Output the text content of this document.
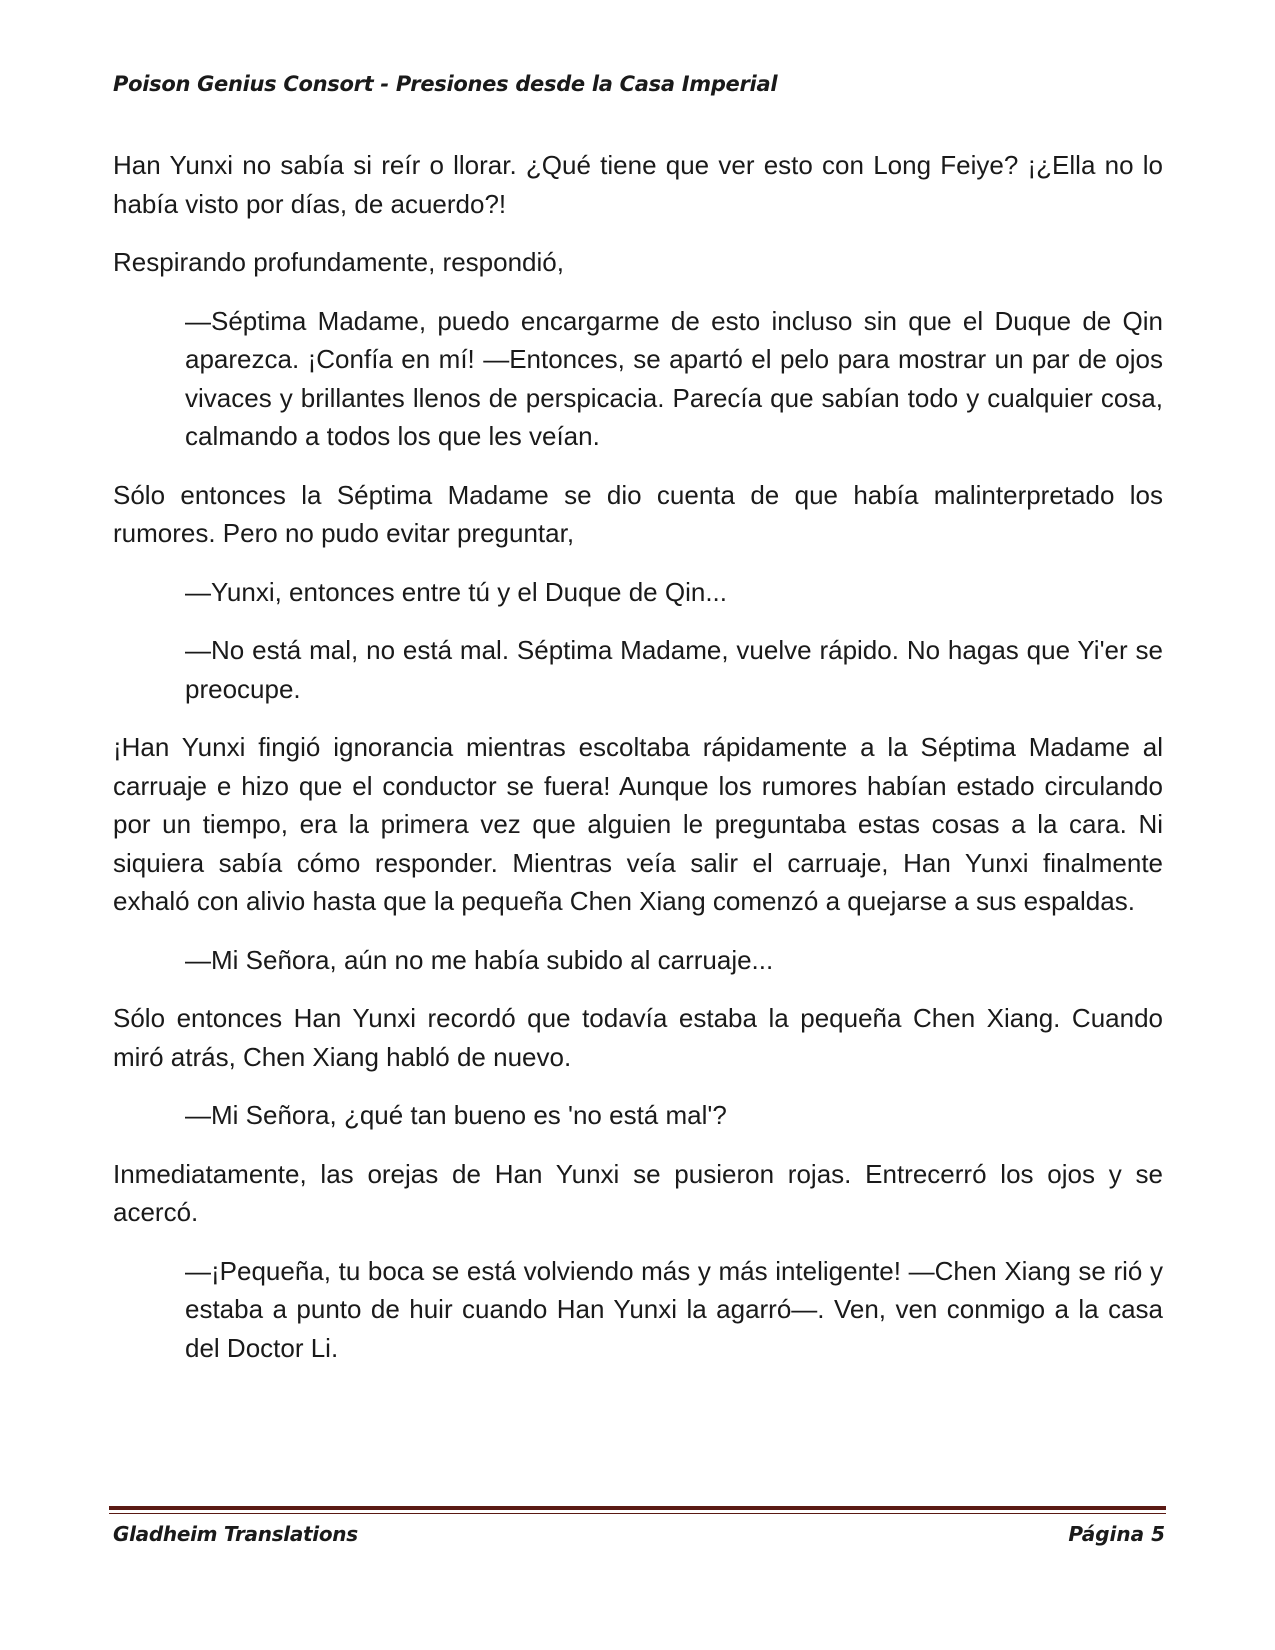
Poison Genius Consort - Presiones desde la Casa Imperial

Han Yunxi no sabía si reír o llorar. ¿Qué tiene que ver esto con Long Feiye? ¡¿Ella no lo había visto por días, de acuerdo?!

Respirando profundamente, respondió,

—Séptima Madame, puedo encargarme de esto incluso sin que el Duque de Qin aparezca. ¡Confía en mí! —Entonces, se apartó el pelo para mostrar un par de ojos vivaces y brillantes llenos de perspicacia. Parecía que sabían todo y cualquier cosa, calmando a todos los que les veían.

Sólo entonces la Séptima Madame se dio cuenta de que había malinterpretado los rumores. Pero no pudo evitar preguntar,

—Yunxi, entonces entre tú y el Duque de Qin...

—No está mal, no está mal. Séptima Madame, vuelve rápido. No hagas que Yi'er se preocupe.

¡Han Yunxi fingió ignorancia mientras escoltaba rápidamente a la Séptima Madame al carruaje e hizo que el conductor se fuera! Aunque los rumores habían estado circulando por un tiempo, era la primera vez que alguien le preguntaba estas cosas a la cara. Ni siquiera sabía cómo responder. Mientras veía salir el carruaje, Han Yunxi finalmente exhaló con alivio hasta que la pequeña Chen Xiang comenzó a quejarse a sus espaldas.

—Mi Señora, aún no me había subido al carruaje...

Sólo entonces Han Yunxi recordó que todavía estaba la pequeña Chen Xiang. Cuando miró atrás, Chen Xiang habló de nuevo.

—Mi Señora, ¿qué tan bueno es 'no está mal'?

Inmediatamente, las orejas de Han Yunxi se pusieron rojas. Entrecerró los ojos y se acercó.

—¡Pequeña, tu boca se está volviendo más y más inteligente! —Chen Xiang se rió y estaba a punto de huir cuando Han Yunxi la agarró—. Ven, ven conmigo a la casa del Doctor Li.

Gladheim Translations	Página 5
